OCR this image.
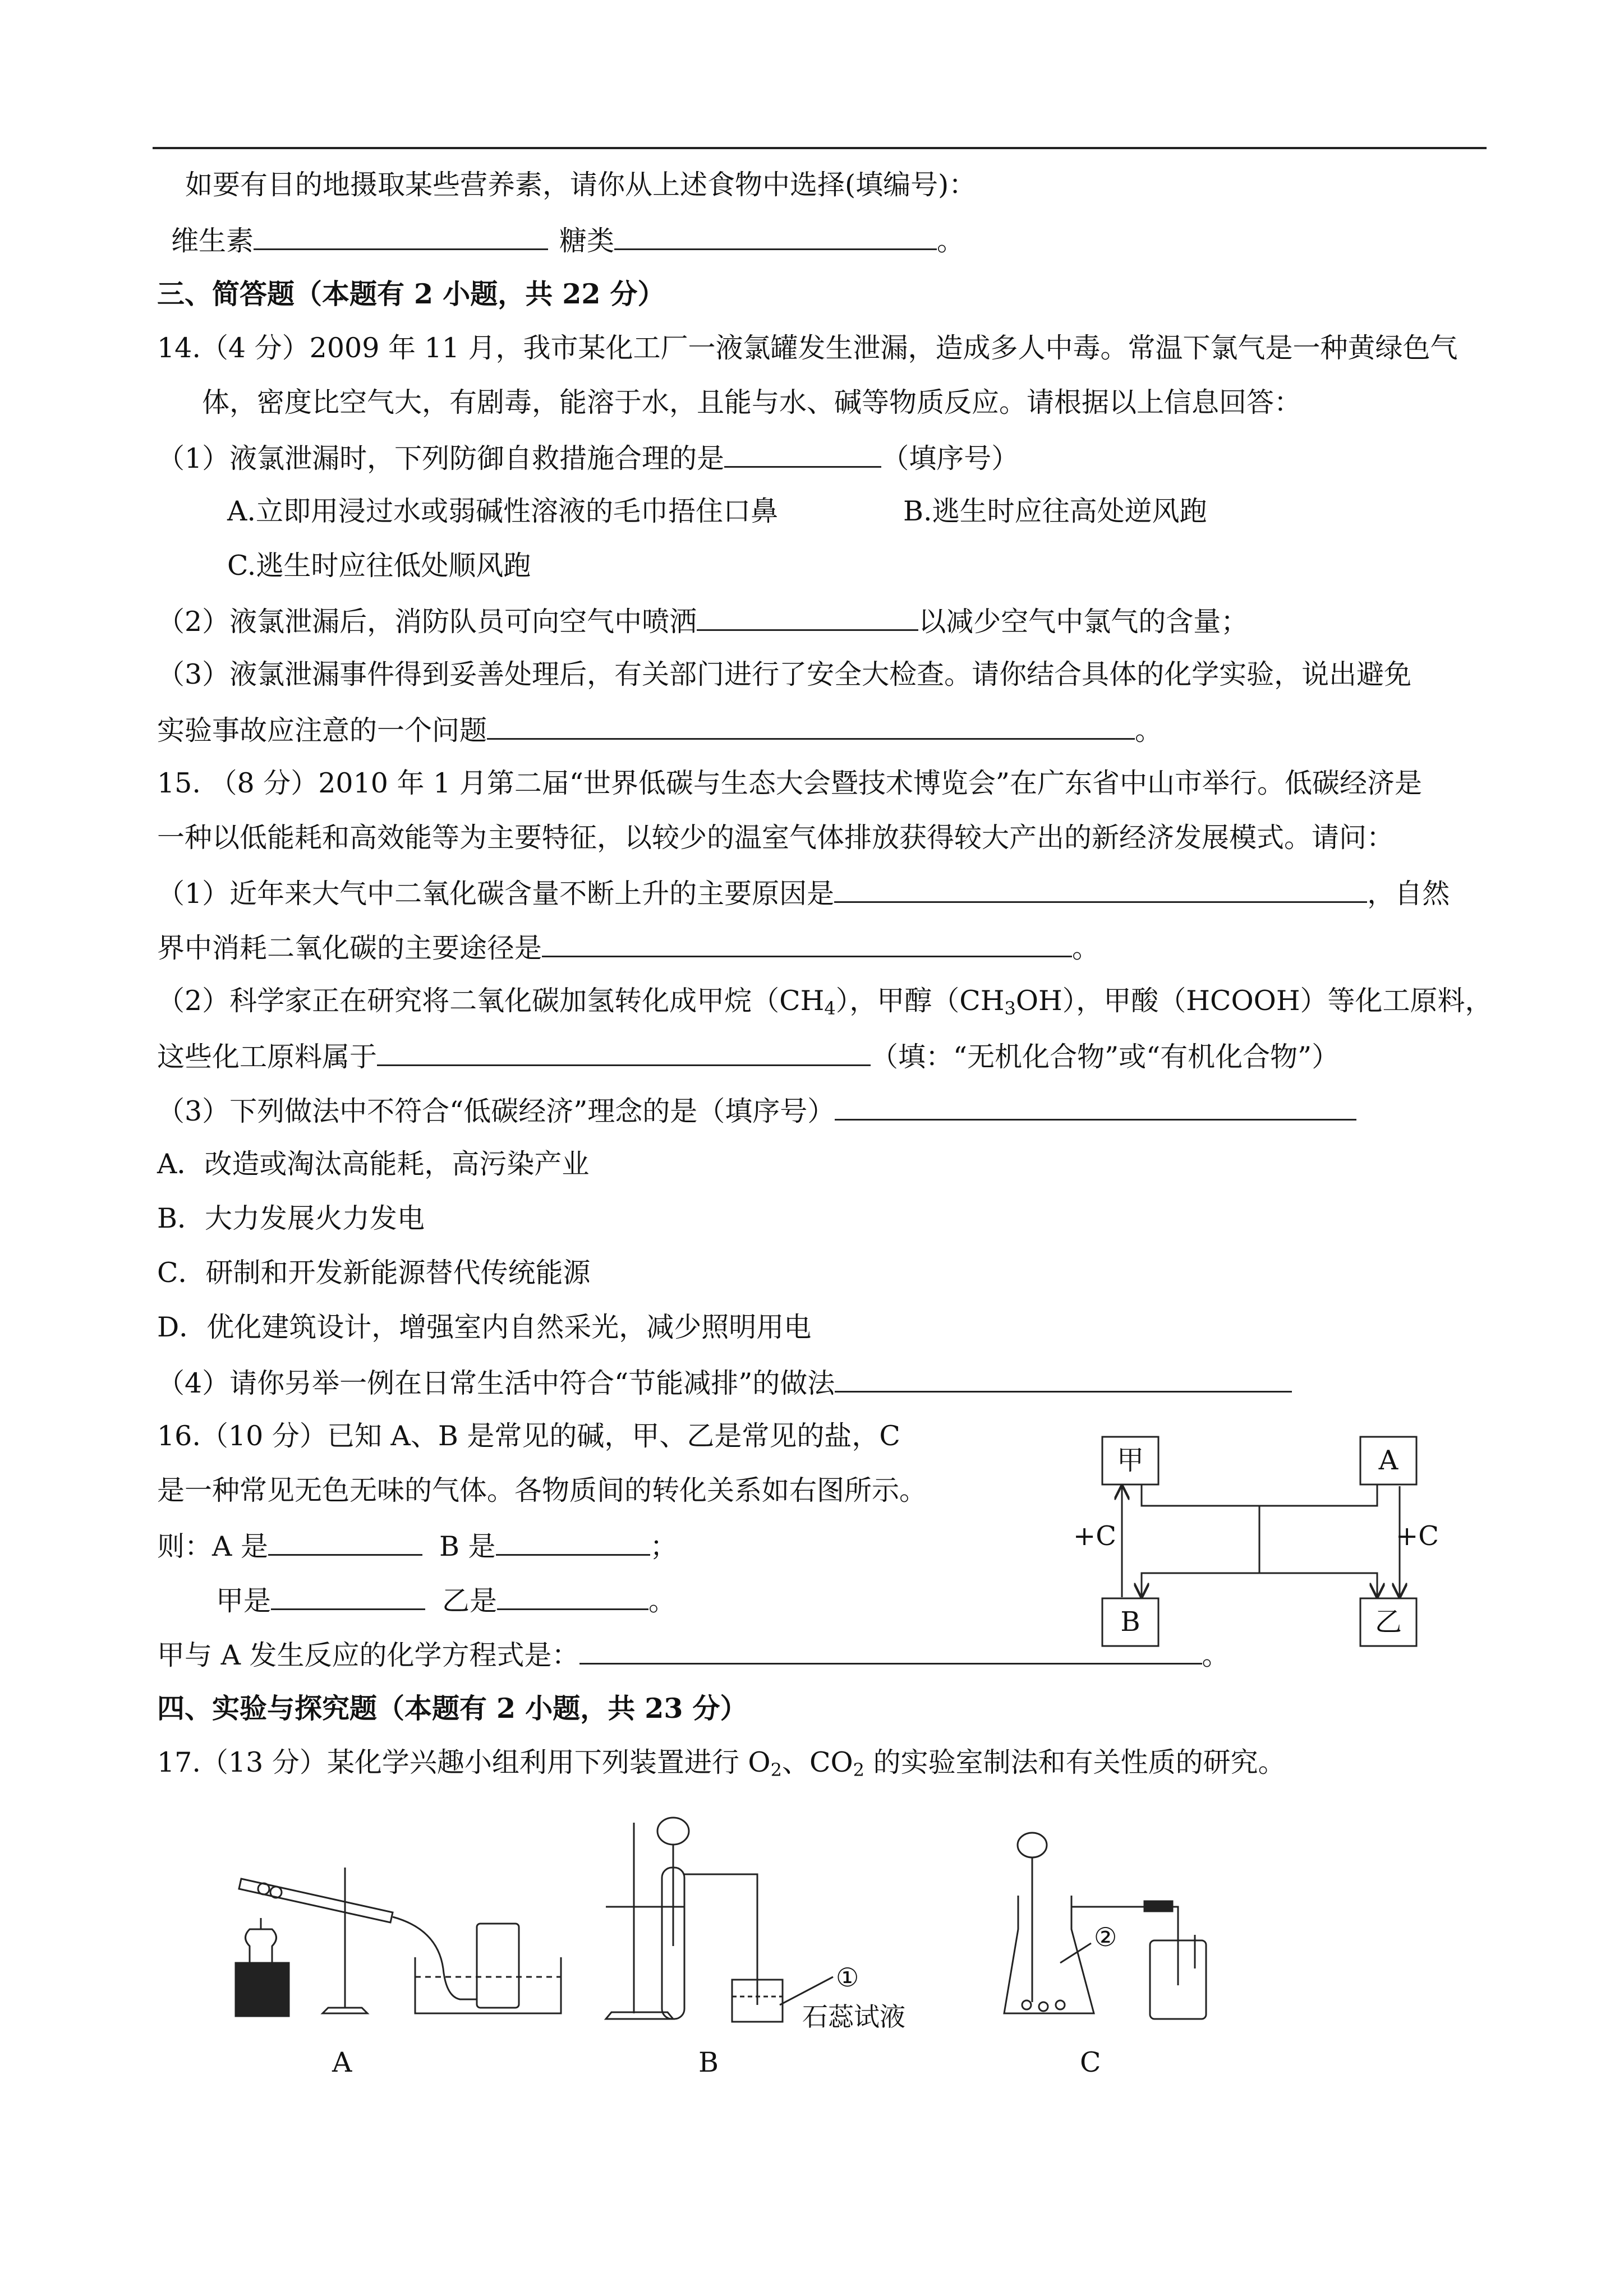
如要有目的地摄取某些营养素，请你从上述食物中选择(填编号)：
维生素	糖类	。
三、简答题（本题有 2 小题，共 22 分）
14.（4 分）2009 年 11 月，我市某化工厂一液氯罐发生泄漏，造成多人中毒。常温下氯气是一种黄绿色气
体，密度比空气大，有剧毒，能溶于水，且能与水、碱等物质反应。请根据以上信息回答：
（1）液氯泄漏时，下列防御自救措施合理的是	（填序号）
A.立即用浸过水或弱碱性溶液的毛巾捂住口鼻	B.逃生时应往高处逆风跑
C.逃生时应往低处顺风跑
（2）液氯泄漏后，消防队员可向空气中喷洒	以减少空气中氯气的含量；
（3）液氯泄漏事件得到妥善处理后，有关部门进行了安全大检查。请你结合具体的化学实验，说出避免
实验事故应注意的一个问题	。
15. （8 分）2010 年 1 月第二届“世界低碳与生态大会暨技术博览会”在广东省中山市举行。低碳经济是
一种以低能耗和高效能等为主要特征，以较少的温室气体排放获得较大产出的新经济发展模式。请问：
（1）近年来大气中二氧化碳含量不断上升的主要原因是	，自然
界中消耗二氧化碳的主要途径是	。
（2）科学家正在研究将二氧化碳加氢转化成甲烷$(CH_4)$，甲醇$(CH_3OH)$，甲酸（HCOOH）等化工原料，
这些化工原料属于	（填：“无机化合物”或“有机化合物”）
（3）下列做法中不符合“低碳经济”理念的是（填序号）
A．改造或淘汰高能耗，高污染产业
B．大力发展火力发电
C．研制和开发新能源替代传统能源
D．优化建筑设计，增强室内自然采光，减少照明用电
（4）请你另举一例在日常生活中符合“节能减排”的做法
16.（10 分）已知 A、B 是常见的碱，甲、乙是常见的盐，C
是一种常见无色无味的气体。各物质间的转化关系如右图所示。
则：A 是	B 是	；
甲是	乙是	。
甲与 A 发生反应的化学方程式是：	。
四、实验与探究题（本题有 2 小题，共 23 分）
17.（13 分）某化学兴趣小组利用下列装置进行 $O_2$、$CO_2$ 的实验室制法和有关性质的研究。
甲	A
B	乙
+C	+C
①
石蕊试液
②
A	B	C
